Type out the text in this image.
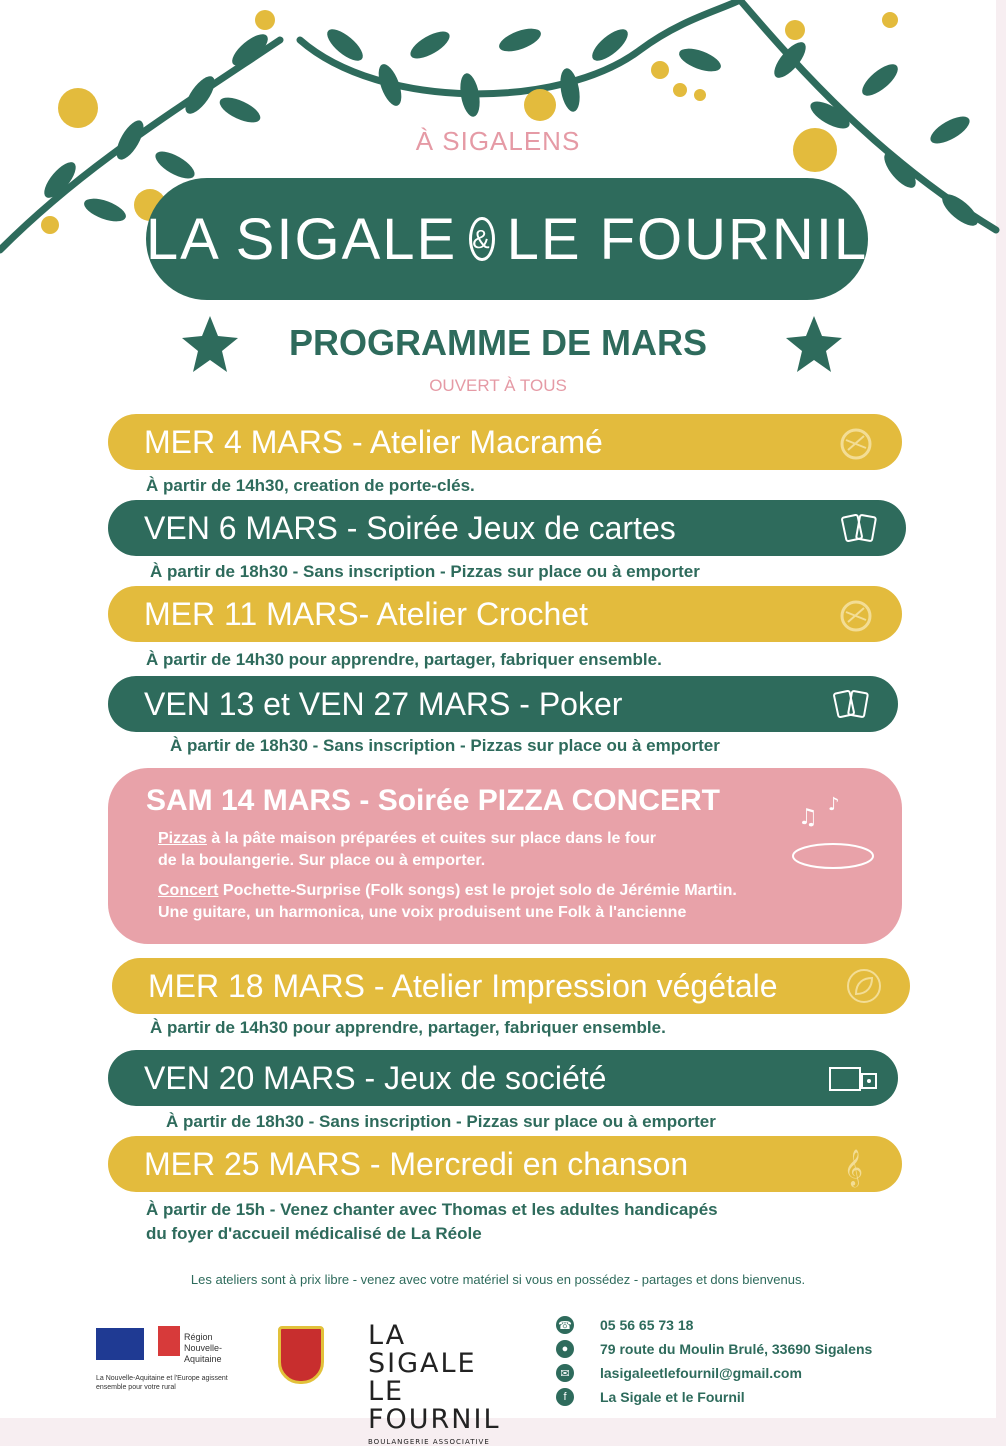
À SIGALENS
LA SIGALE & LE FOURNIL
PROGRAMME DE MARS
OUVERT À TOUS
MER 4 MARS - Atelier Macramé
À partir de 14h30, creation de porte-clés.
VEN 6 MARS - Soirée Jeux de cartes
À partir de 18h30 - Sans inscription - Pizzas sur place ou à emporter
MER 11 MARS- Atelier Crochet
À partir de 14h30 pour apprendre, partager, fabriquer ensemble.
VEN 13 et VEN 27 MARS - Poker
À partir de 18h30 - Sans inscription - Pizzas sur place ou à emporter
SAM 14 MARS - Soirée PIZZA CONCERT
♫
♪
Pizzas à la pâte maison préparées et cuites sur place dans le four
de la boulangerie. Sur place ou à emporter.
Concert Pochette-Surprise (Folk songs) est le projet solo de Jérémie Martin.
Une guitare, un harmonica, une voix produisent une Folk à l'ancienne
MER 18 MARS - Atelier Impression végétale
À partir de 14h30 pour apprendre, partager, fabriquer ensemble.
VEN 20 MARS - Jeux de société
À partir de 18h30 - Sans inscription - Pizzas sur place ou à emporter
MER 25 MARS - Mercredi en chanson	𝄞
À partir de 15h - Venez chanter avec Thomas et les adultes handicapés
du foyer d'accueil médicalisé de La Réole
Les ateliers sont à prix libre - venez avec votre matériel si vous en possédez - partages et dons bienvenus.
Région Nouvelle-Aquitaine
La Nouvelle-Aquitaine et l'Europe agissent ensemble pour votre rural
LA SIGALE
LE FOURNIL
BOULANGERIE ASSOCIATIVE
☎ 05 56 65 73 18
●	79 route du Moulin Brulé, 33690 Sigalens
✉	lasigaleetlefournil@gmail.com
f	La Sigale et le Fournil
